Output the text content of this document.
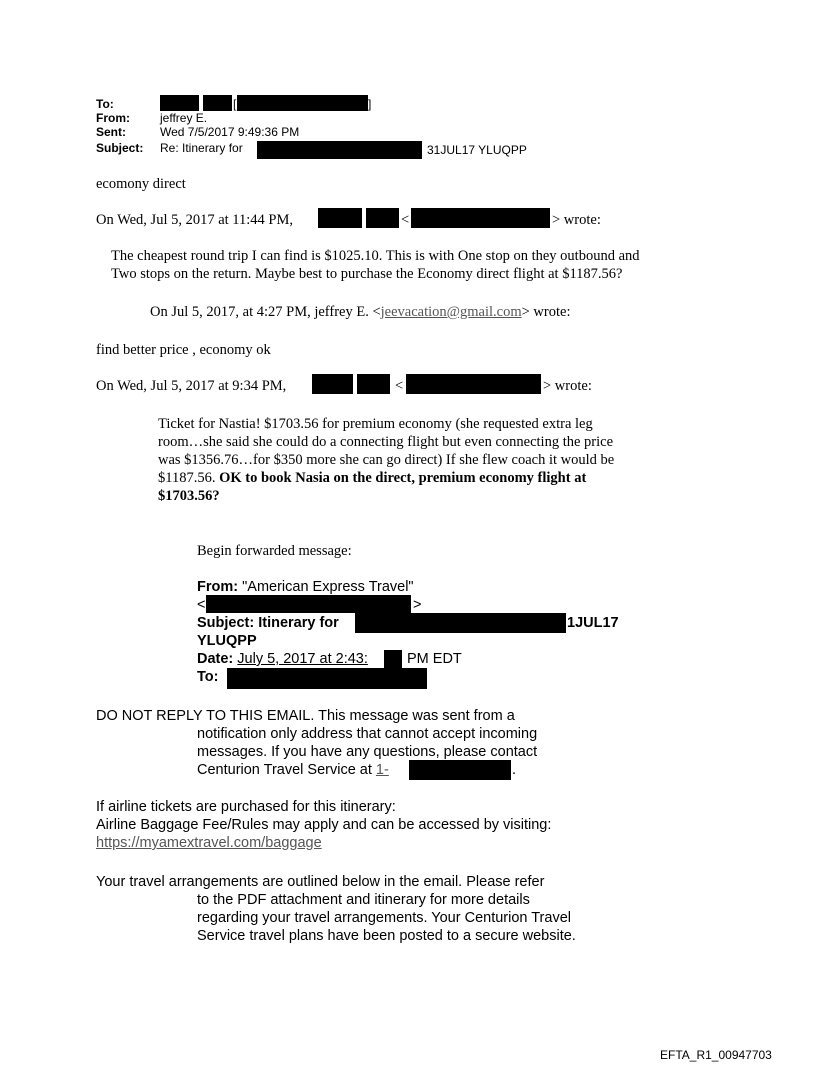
To:	[	]
From:	jeffrey E.
Sent:	Wed 7/5/2017 9:49:36 PM
Subject: Re: Itinerary for	31JUL17 YLUQPP
ecomony direct
On Wed, Jul 5, 2017 at 11:44 PM,	<	> wrote:
The cheapest round trip I can find is $1025.10. This is with One stop on they outbound and
Two stops on the return. Maybe best to purchase the Economy direct flight at $1187.56?
On Jul 5, 2017, at 4:27 PM, jeffrey E. <jeevacation@gmail.com> wrote:
find better price , economy ok
On Wed, Jul 5, 2017 at 9:34 PM,	<	> wrote:
Ticket for Nastia! $1703.56 for premium economy (she requested extra leg
room…she said she could do a connecting flight but even connecting the price
was $1356.76…for $350 more she can go direct) If she flew coach it would be
$1187.56. OK to book Nasia on the direct, premium economy flight at
$1703.56?
Begin forwarded message:
From: "American Express Travel"
<	>
Subject: Itinerary for	1JUL17
YLUQPP
Date: July 5, 2017 at 2:43:	PM EDT
To:
DO NOT REPLY TO THIS EMAIL. This message was sent from a
notification only address that cannot accept incoming
messages. If you have any questions, please contact
Centurion Travel Service at 1-	.
If airline tickets are purchased for this itinerary:
Airline Baggage Fee/Rules may apply and can be accessed by visiting:
https://myamextravel.com/baggage
Your travel arrangements are outlined below in the email. Please refer
to the PDF attachment and itinerary for more details
regarding your travel arrangements. Your Centurion Travel
Service travel plans have been posted to a secure website.
EFTA_R1_00947703
